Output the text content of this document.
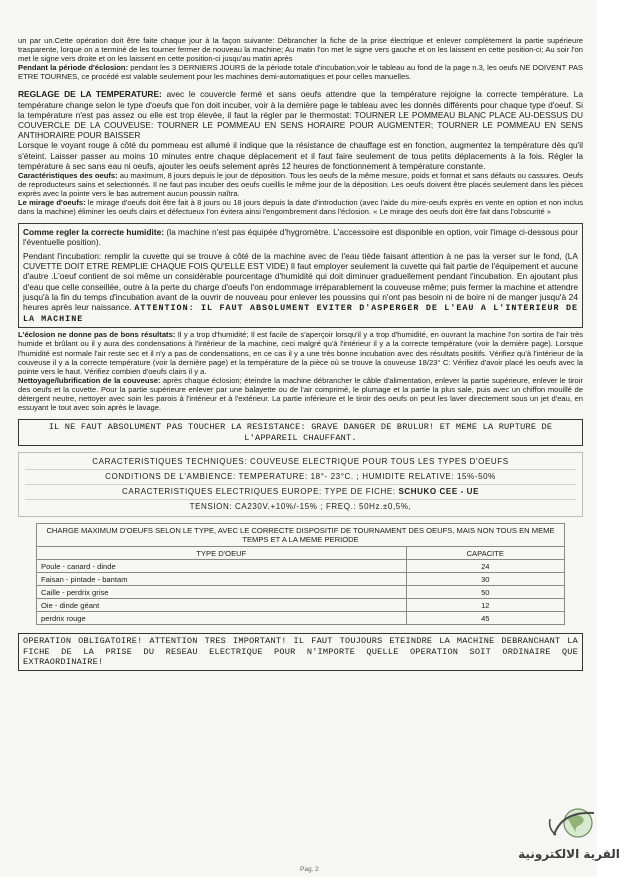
un par un.Cette opération doit être faite chaque jour à la façon suivante: Débrancher la fiche de la prise électrique et enlever complètement la partie supérieure trasparente, lorque on a terminé de les tourner fermer de nouveau la machine; Au matin l'on met le signe vers gauche et on les laissent en cette position-ci; Au soir l'on met le signe vers droite et on les laissent en cette position-ci jusqu'au matin après

Pendant la période d'éclosion: pendant les 3 DERNIERS JOURS de la période totale d'incubation,voir le tableau au fond de la page n.3, les oeufs NE DOIVENT PAS ETRE TOURNES, ce procédé est valable seulement pour les machines demi-automatiques et pour celles manuelles.

REGLAGE DE LA TEMPERATURE: avec le couvercle fermé et sans oeufs attendre que la température rejoigne la correcte température. La température change selon le type d'oeufs que l'on doit incuber, voir à la dernière page le tableau avec les donnés différents pour chaque type d'oeuf. Si la température n'est pas assez ou elle est trop élevée, il faut la régler par le thermostat: TOURNER LE POMMEAU BLANC PLACE AU-DESSUS DU COUVERCLE DE LA COUVEUSE: TOURNER LE POMMEAU EN SENS HORAIRE POUR AUGMENTER; TOURNER LE POMMEAU EN SENS ANTIHORAIRE POUR BAISSER

Lorsque le voyant rouge à côté du pommeau est allumé il indique que la résistance de chauffage est en fonction, augmentez la température dès qu'il s'éteint. Laisser passer au moins 10 minutes entre chaque déplacement et il faut faire seulement de tous petits déplacements à la fois. Régler la température à sec sans eau ni oeufs, ajouter les oeufs selement après 12 heures de fonctionnement à température constante.

Caractéristiques des oeufs: au maximum, 8 jours depuis le jour de déposition. Tous les oeufs de la même mesure, poids et format et sans défauts ou cassures. Oeufs de reproducteurs sains et selectionnés. Il ne faut pas incuber des oeufs cueillis le même jour de la déposition. Les oeufs doivent être placés seulement dans les pièces exprès avec la pointe vers le bas autrement aucun poussin naîtra.

Le mirage d'oeufs: le mirage d'oeufs doit être fait à 8 jours ou 18 jours depuis la date d'introduction (avec l'aide du mire-oeufs exprès en vente en option et non inclus dans la machine) éliminer les oeufs clairs et défectueux l'on évitera ainsi l'engombrement dans l'éclosion. « Le mirage des oeufs doit être fait dans l'obscurité »

Comme regler la correcte humidite: (la machine n'est pas équipée d'hygromètre. L'accessoire est disponible en option, voir l'image ci-dessous pour l'éventuelle position).

Pendant l'incubation: remplir la cuvette qui se trouve à côté de la machine avec de l'eau tiède faisant attention à ne pas la verser sur le fond, (LA CUVETTE DOIT ETRE REMPLIE CHAQUE FOIS QU'ELLE EST VIDE) Il faut employer seulement la cuvette qui fait partie de l'équipement et aucune d'autre .L'oeuf contient de soi même un considérable pourcentage d'humidité qui doit diminuer graduellement pendant l'incubation. En ajoutant plus d'eau que celle conseillée, outre à la perte du charge d'oeufs l'on endommage irréparablement la couveuse même; puis fermer la machine et attendre jusqu'à la fin du temps d'incubation avant de la ouvrir de nouveau pour enlever les poussins qui n'ont pas besoin ni de boire ni de manger jusqu'à 24 heures après leur naissance. ATTENTION: IL FAUT ABSOLUMENT EVITER D'ASPERGER DE L'EAU A L'INTERIEUR DE LA MACHINE

L'éclosion ne donne pas de bons résultats: Il y a trop d'humidité; Il est facile de s'aperçoir lorsqu'il y a trop d'humidité, en ouvrant la machine l'on sortira de l'air très humide et brûlant ou il y aura des condensations à l'intérieur de la machine, ceci malgré qu'à l'intérieur il y a la correcte température (voir la dernière page). Lorsque l'humidité est normale l'air reste sec et il n'y a pas de condensations, en ce cas il y a une très bonne incubation avec des résultats positifs. Vérifiez qu'à l'intérieur de la couveuse il y a la correcte température (voir la dernière page) et la température de la pièce où se trouve la couveuse 18/23° C: Vérifiez d'avoir placé les oeufs avec la pointe vers le haut. Vérifiez combien d'oeufs clairs il y a.

Nettoyage/lubrification de la couveuse: après chaque éclosion; éteindre la machine débrancher le câble d'alimentation, enlever la partie supérieure, enlever le tiroir des oeufs et la cuvette. Pour la partie supérieure enlever par une balayette ou de l'air comprimé, le plumage et la partie la plus sale, puis avec un chiffon mouillé de détergent neutre, nettoyer avec soin les parois à l'intérieur et à l'extérieur. La partie inférieure et le tiroir des oeufs on peut les laver directement sous un jet d'eau, en essuyant le tout avec soin après le lavage.

IL NE FAUT ABSOLUMENT PAS TOUCHER LA RESISTANCE: GRAVE DANGER DE BRULUR! ET MEME LA RUPTURE DE L'APPAREIL CHAUFFANT.
CARACTERISTIQUES TECHNIQUES: COUVEUSE ELECTRIQUE POUR TOUS LES TYPES D'OEUFS
CONDITIONS DE L'AMBIENCE: TEMPERATURE: 18°- 23°C. ; HUMIDITE RELATIVE: 15%-50%
CARACTERISTIQUES ELECTRIQUES EUROPE: TYPE DE FICHE: SCHUKO CEE - UE
TENSION: CA230V.+10%/-15% ; FREQ.: 50Hz.±0,5%,
CHARGE MAXIMUM D'OEUFS SELON LE TYPE, AVEC LE CORRECTE DISPOSITIF DE TOURNAMENT DES OEUFS, MAIS NON TOUS EN MEME TEMPS ET A LA MEME PERIODE
TYPE D'OEUF	CAPACITE
Poule - canard - dinde	24
Faisan - pintade - bantam	30
Caille - perdrix grise	50
Oie - dinde géant	12
perdrix rouge	45
OPERATION OBLIGATOIRE! ATTENTION TRES IMPORTANT! IL FAUT TOUJOURS ETEINDRE LA MACHINE DEBRANCHANT LA FICHE DE LA PRISE DU RESEAU ELECTRIQUE POUR N'IMPORTE QUELLE OPERATION SOIT ORDINAIRE QUE EXTRAORDINAIRE!
القرية الالكترونية
Pag. 2
